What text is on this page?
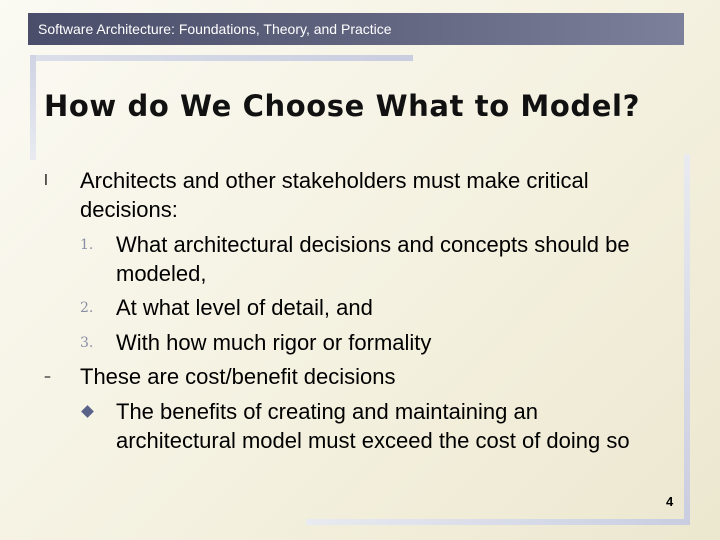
Software Architecture: Foundations, Theory, and Practice
How do We Choose What to Model?
l Architects and other stakeholders must make critical
decisions:
1. What architectural decisions and concepts should be
modeled,
2. At what level of detail, and
3. With how much rigor or formality
– These are cost/benefit decisions
The benefits of creating and maintaining an
architectural model must exceed the cost of doing so
4
